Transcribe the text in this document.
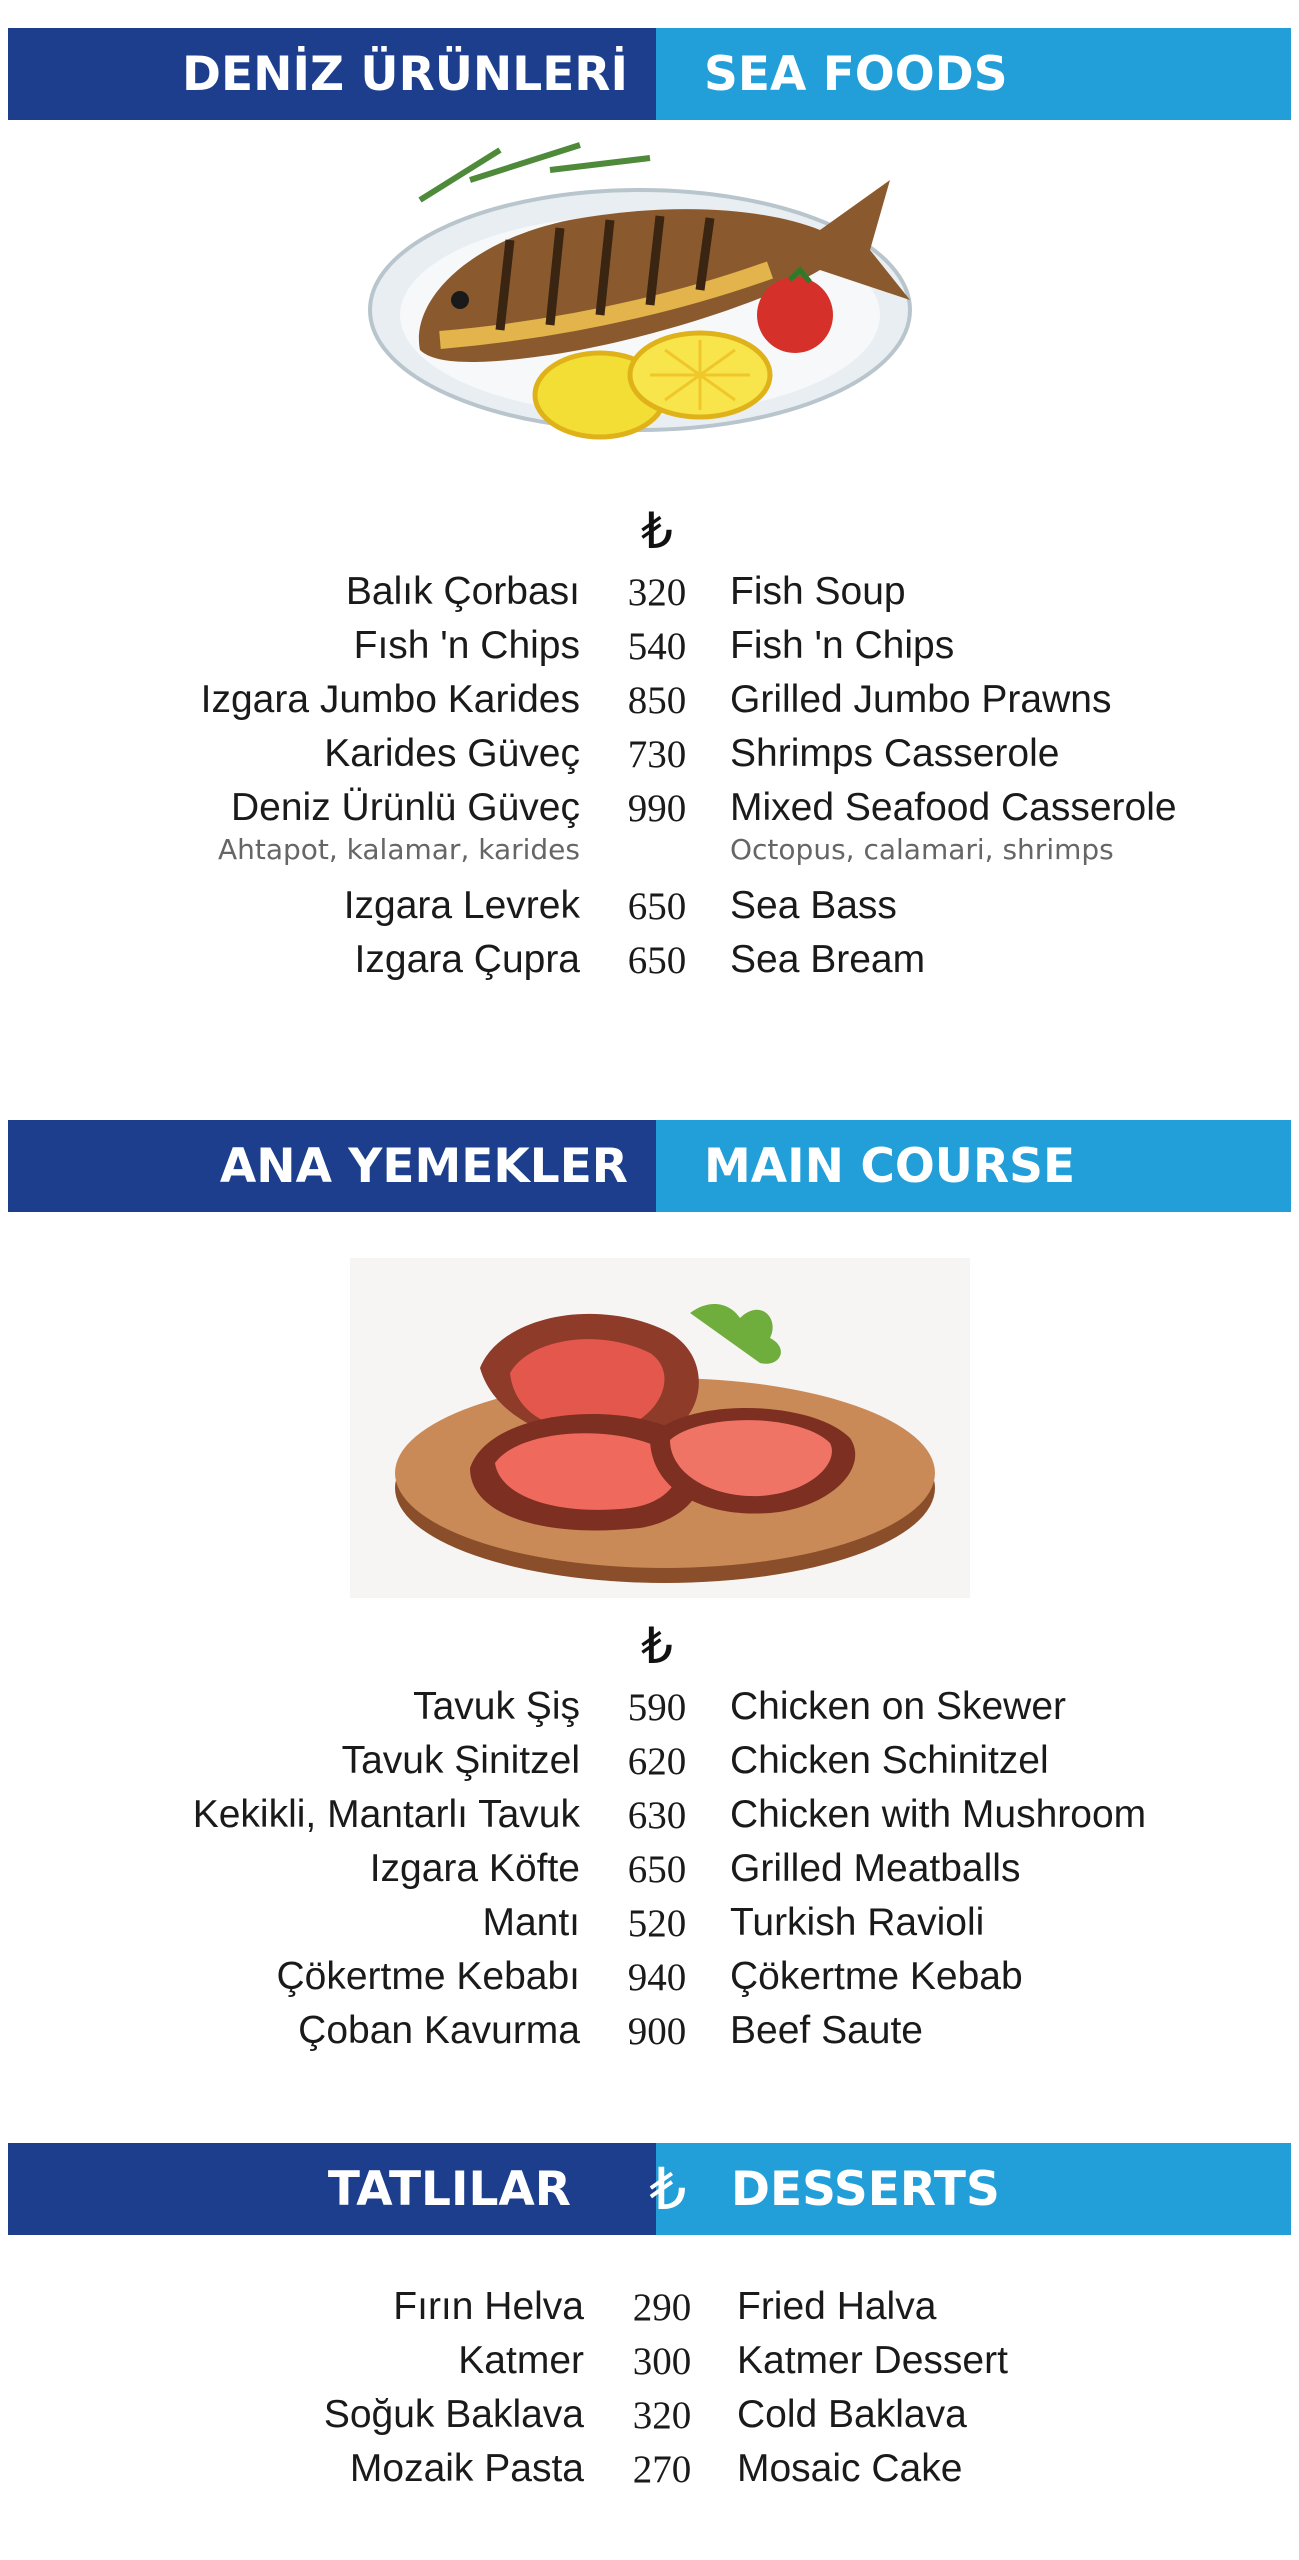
DENİZ ÜRÜNLERİ	SEA FOODS
₺
Balık Çorbası 320 Fish Soup
Fısh 'n Chips 540 Fish 'n Chips
Izgara Jumbo Karides 850 Grilled Jumbo Prawns
Karides Güveç 730 Shrimps Casserole
Deniz Ürünlü Güveç 990 Mixed Seafood Casserole
Ahtapot, kalamar, karides	Octopus, calamari, shrimps
Izgara Levrek 650 Sea Bass
Izgara Çupra 650 Sea Bream
ANA YEMEKLER	MAIN COURSE
₺
Tavuk Şiş 590 Chicken on Skewer
Tavuk Şinitzel 620 Chicken Schinitzel
Kekikli, Mantarlı Tavuk 630 Chicken with Mushroom
Izgara Köfte 650 Grilled Meatballs
Mantı 520 Turkish Ravioli
Çökertme Kebabı 940 Çökertme Kebab
Çoban Kavurma 900 Beef Saute
TATLILAR	DESSERTS
₺
Fırın Helva 290 Fried Halva
Katmer 300 Katmer Dessert
Soğuk Baklava 320 Cold Baklava
Mozaik Pasta 270 Mosaic Cake
